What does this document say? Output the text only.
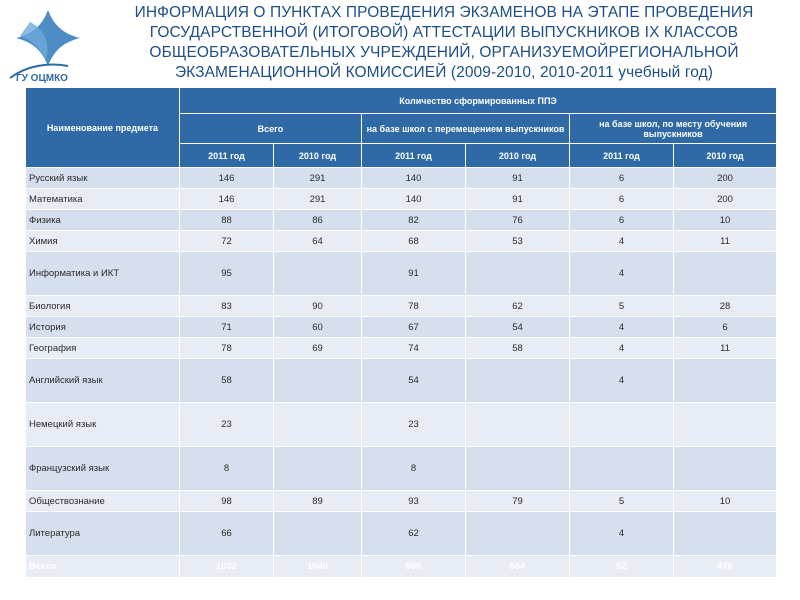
ГУ ОЦМКО
ИНФОРМАЦИЯ О ПУНКТАХ ПРОВЕДЕНИЯ ЭКЗАМЕНОВ НА ЭТАПЕ ПРОВЕДЕНИЯ
ГОСУДАРСТВЕННОЙ (ИТОГОВОЙ) АТТЕСТАЦИИ ВЫПУСКНИКОВ IX КЛАССОВ
ОБЩЕОБРАЗОВАТЕЛЬНЫХ УЧРЕЖДЕНИЙ, ОРГАНИЗУЕМОЙРЕГИОНАЛЬНОЙ
ЭКЗАМЕНАЦИОННОЙ КОМИССИЕЙ (2009-2010, 2010-2011 учебный год)
Наименование предмета	Количество сформированных ППЭ					
	Всего		на базе школ с перемещением выпускников		на базе школ, по месту обучения выпускников	
	2011 год	2010 год	2011 год	2010 год	2011 год	2010 год
Русский язык	146	291	140	91	6	200
Математика	146	291	140	91	6	200
Физика	88	86	82	76	6	10
Химия	72	64	68	53	4	11
Информатика и ИКТ	95		91		4	
Биология	83	90	78	62	5	28
История	71	60	67	54	4	6
География	78	69	74	58	4	11
Английский язык	58		54		4	
Немецкий язык	23		23			
Французский язык	8		8			
Обществознание	98	89	93	79	5	10
Литература	66		62		4	
Всего	1032	1040	980	564	52	476
